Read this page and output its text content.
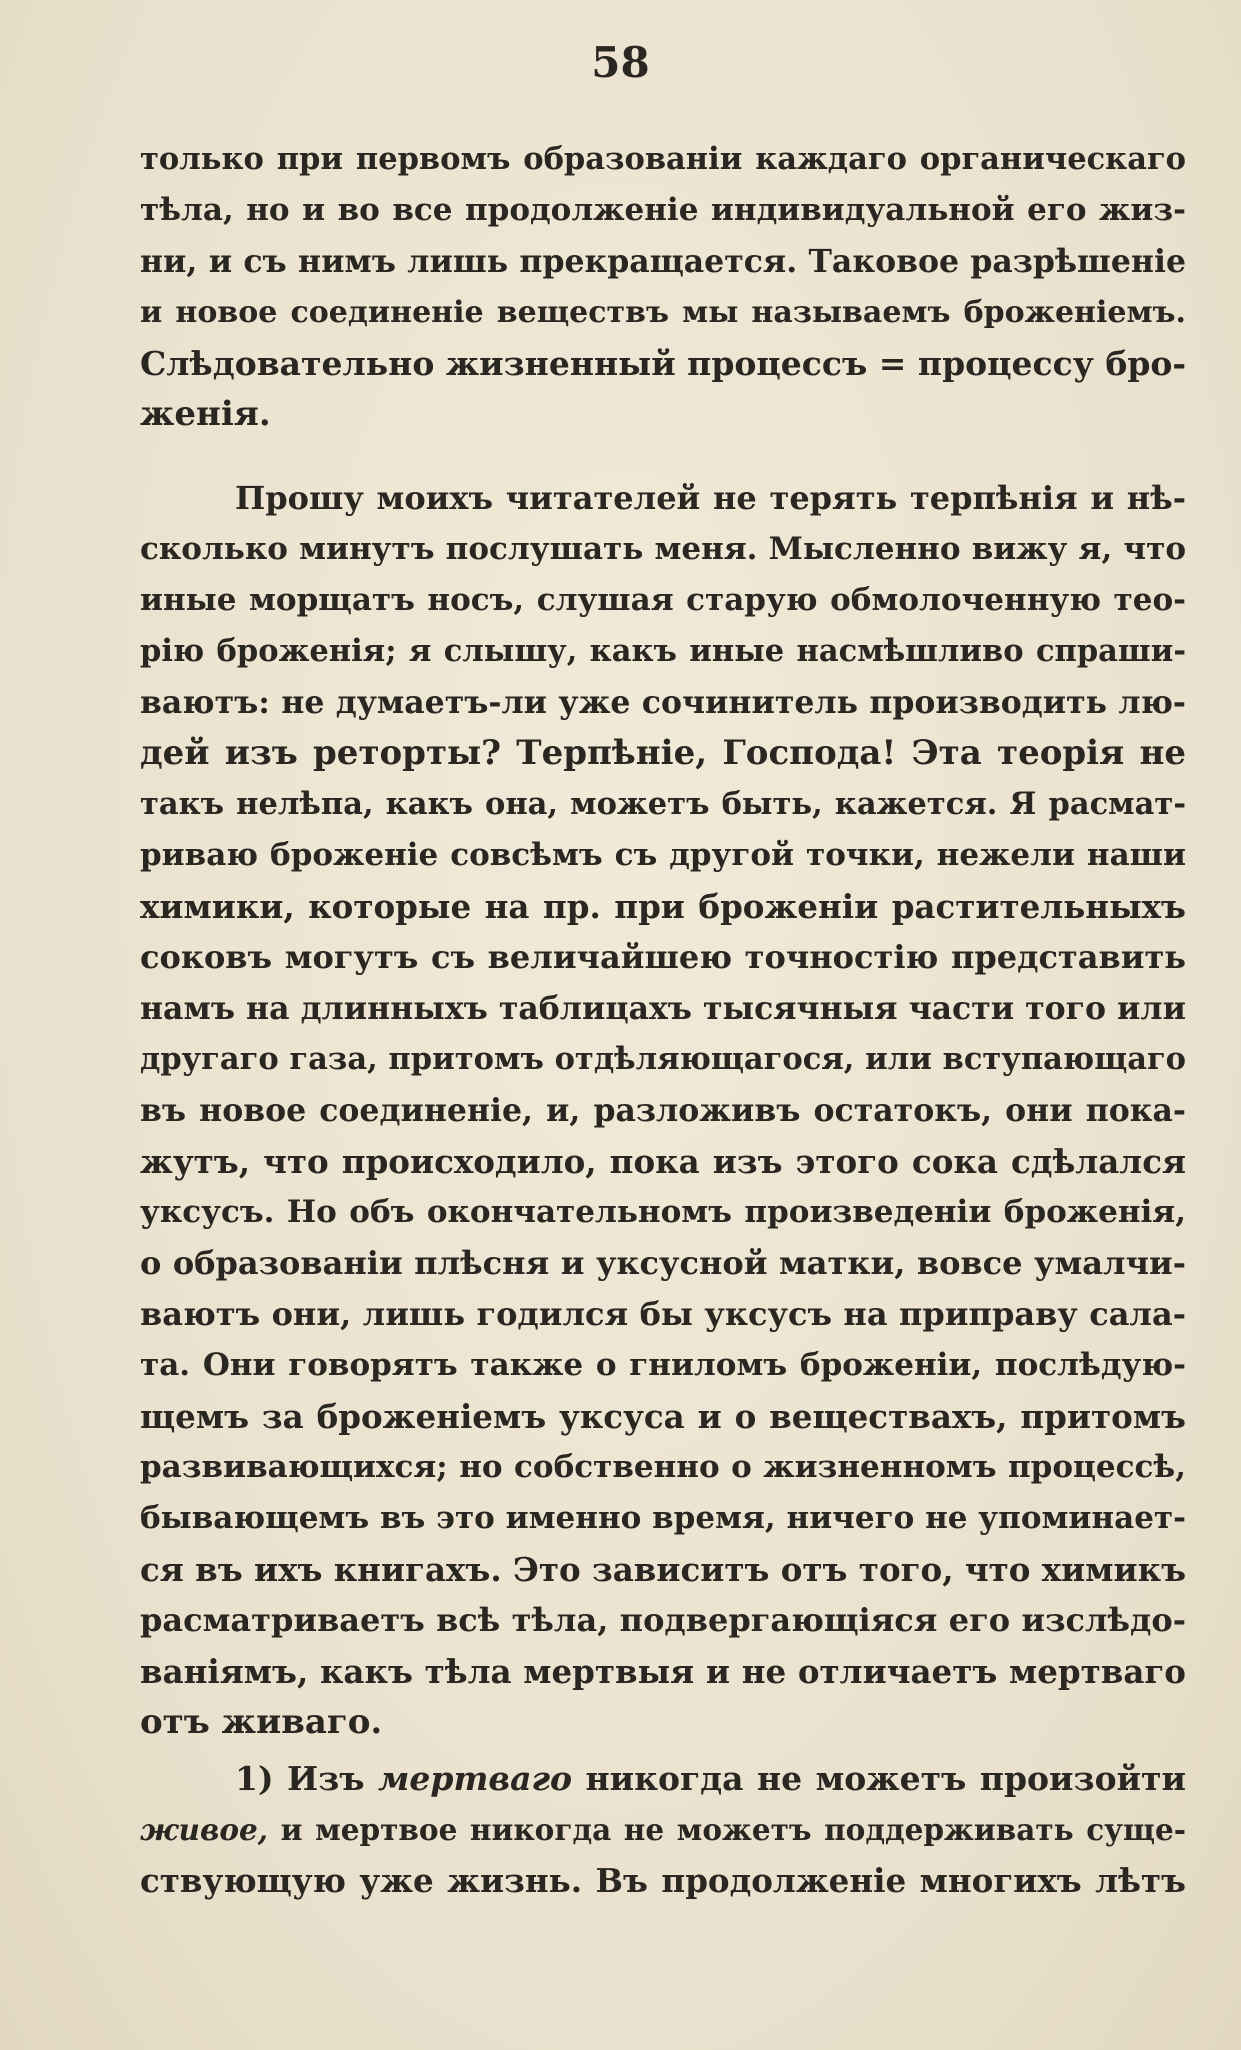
58
только при первомъ образованіи каждаго органическаго
тѣла, но и во все продолженіе индивидуальной его жиз-
ни, и съ нимъ лишь прекращается. Таковое разрѣшеніе
и новое соединеніе веществъ мы называемъ броженіемъ.
Слѣдовательно жизненный процессъ = процессу бро-
женія.
Прошу моихъ читателей не терять терпѣнія и нѣ-
сколько минутъ послушать меня. Мысленно вижу я, что
иные морщатъ носъ, слушая старую обмолоченную тео-
рію броженія; я слышу, какъ иные насмѣшливо спраши-
ваютъ: не думаетъ-ли уже сочинитель производить лю-
дей изъ реторты? Терпѣніе, Господа! Эта теорія не
такъ нелѣпа, какъ она, можетъ быть, кажется. Я расмат-
риваю броженіе совсѣмъ съ другой точки, нежели наши
химики, которые на пр. при броженіи растительныхъ
соковъ могутъ съ величайшею точностію представить
намъ на длинныхъ таблицахъ тысячныя части того или
другаго газа, притомъ отдѣляющагося, или вступающаго
въ новое соединеніе, и, разложивъ остатокъ, они пока-
жутъ, что происходило, пока изъ этого сока сдѣлался
уксусъ. Но объ окончательномъ произведеніи броженія,
о образованіи плѣсня и уксусной матки, вовсе умалчи-
ваютъ они, лишь годился бы уксусъ на приправу сала-
та. Они говорятъ также о гниломъ броженіи, послѣдую-
щемъ за броженіемъ уксуса и о веществахъ, притомъ
развивающихся; но собственно о жизненномъ процессѣ,
бывающемъ въ это именно время, ничего не упоминает-
ся въ ихъ книгахъ. Это зависитъ отъ того, что химикъ
расматриваетъ всѣ тѣла, подвергающіяся его изслѣдо-
ваніямъ, какъ тѣла мертвыя и не отличаетъ мертваго
отъ живаго.
1) Изъ мертваго никогда не можетъ произойти
живое, и мертвое никогда не можетъ поддерживать суще-
ствующую уже жизнь. Въ продолженіе многихъ лѣтъ
